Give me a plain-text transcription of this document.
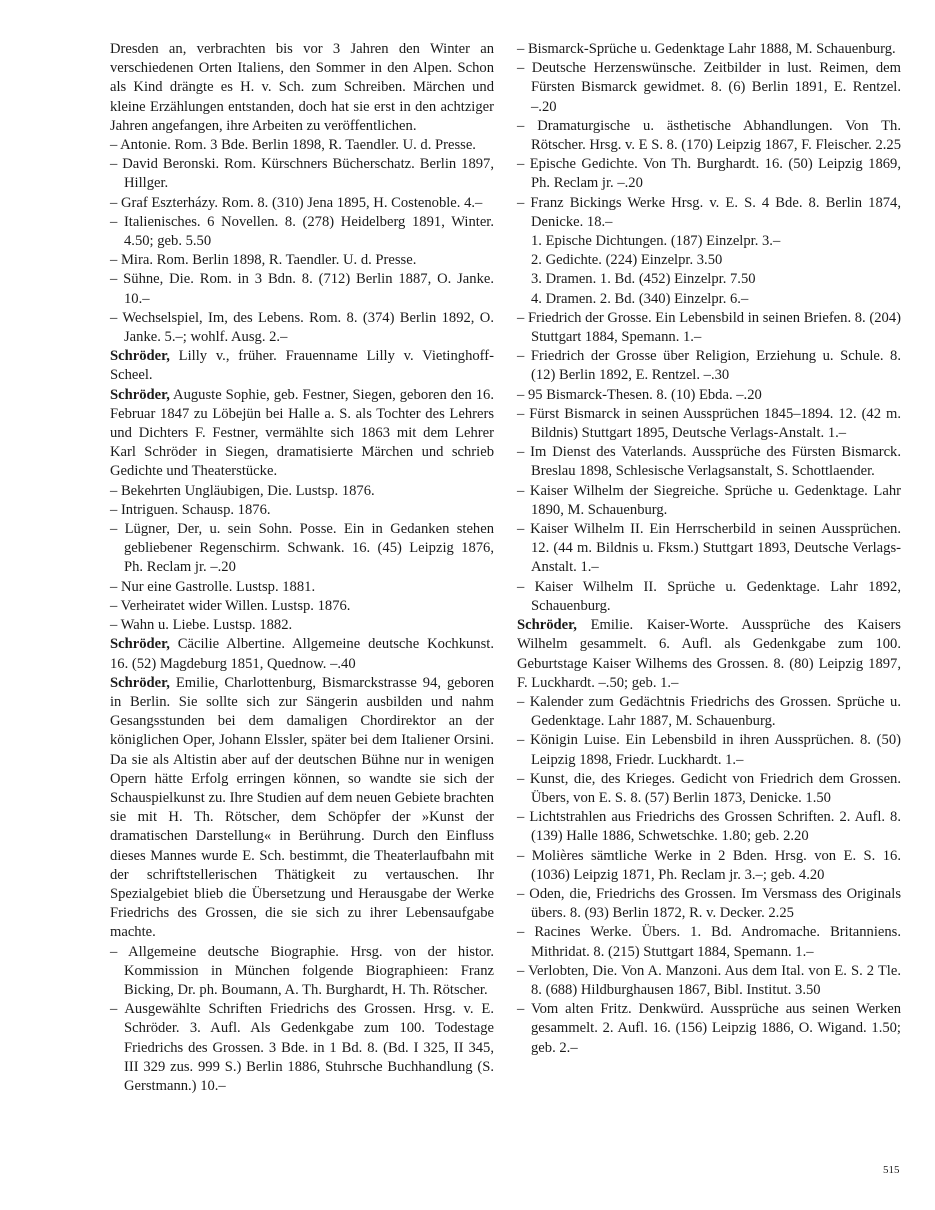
Dresden an, verbrachten bis vor 3 Jahren den Winter an verschiedenen Orten Italiens, den Sommer in den Alpen. Schon als Kind drängte es H. v. Sch. zum Schreiben. Märchen und kleine Erzählungen entstanden, doch hat sie erst in den achtziger Jahren angefangen, ihre Arbeiten zu veröffentlichen.
– Antonie. Rom. 3 Bde. Berlin 1898, R. Taendler. U. d. Presse.
– David Beronski. Rom. Kürschners Bücherschatz. Berlin 1897, Hillger.
– Graf Eszterházy. Rom. 8. (310) Jena 1895, H. Costenoble. 4.–
– Italienisches. 6 Novellen. 8. (278) Heidelberg 1891, Winter. 4.50; geb. 5.50
– Mira. Rom. Berlin 1898, R. Taendler. U. d. Presse.
– Sühne, Die. Rom. in 3 Bdn. 8. (712) Berlin 1887, O. Janke. 10.–
– Wechselspiel, Im, des Lebens. Rom. 8. (374) Berlin 1892, O. Janke. 5.–; wohlf. Ausg. 2.–
Schröder, Lilly v., früher. Frauenname Lilly v. Vietinghoff-Scheel.
Schröder, Auguste Sophie, geb. Festner, Siegen, geboren den 16. Februar 1847 zu Löbejün bei Halle a. S. als Tochter des Lehrers und Dichters F. Festner, vermählte sich 1863 mit dem Lehrer Karl Schröder in Siegen, dramatisierte Märchen und schrieb Gedichte und Theaterstücke.
– Bekehrten Ungläubigen, Die. Lustsp. 1876.
– Intriguen. Schausp. 1876.
– Lügner, Der, u. sein Sohn. Posse. Ein in Gedanken stehen gebliebener Regenschirm. Schwank. 16. (45) Leipzig 1876, Ph. Reclam jr. –.20
– Nur eine Gastrolle. Lustsp. 1881.
– Verheiratet wider Willen. Lustsp. 1876.
– Wahn u. Liebe. Lustsp. 1882.
Schröder, Cäcilie Albertine. Allgemeine deutsche Kochkunst. 16. (52) Magdeburg 1851, Quednow. –.40
Schröder, Emilie, Charlottenburg, Bismarckstrasse 94, geboren in Berlin. Sie sollte sich zur Sängerin ausbilden und nahm Gesangsstunden bei dem damaligen Chordirektor an der königlichen Oper, Johann Elssler, später bei dem Italiener Orsini. Da sie als Altistin aber auf der deutschen Bühne nur in wenigen Opern hätte Erfolg erringen können, so wandte sie sich der Schauspielkunst zu. Ihre Studien auf dem neuen Gebiete brachten sie mit H. Th. Rötscher, dem Schöpfer der »Kunst der dramatischen Darstellung« in Berührung. Durch den Einfluss dieses Mannes wurde E. Sch. bestimmt, die Theaterlaufbahn mit der schriftstellerischen Thätigkeit zu vertauschen. Ihr Spezialgebiet blieb die Übersetzung und Herausgabe der Werke Friedrichs des Grossen, die sie sich zu ihrer Lebensaufgabe machte.
– Allgemeine deutsche Biographie. Hrsg. von der histor. Kommission in München folgende Biographieen: Franz Bicking, Dr. ph. Boumann, A. Th. Burghardt, H. Th. Rötscher.
– Ausgewählte Schriften Friedrichs des Grossen. Hrsg. v. E. Schröder. 3. Aufl. Als Gedenkgabe zum 100. Todestage Friedrichs des Grossen. 3 Bde. in 1 Bd. 8. (Bd. I 325, II 345, III 329 zus. 999 S.) Berlin 1886, Stuhrsche Buchhandlung (S. Gerstmann.) 10.–
– Bismarck-Sprüche u. Gedenktage Lahr 1888, M. Schauenburg.
– Deutsche Herzenswünsche. Zeitbilder in lust. Reimen, dem Fürsten Bismarck gewidmet. 8. (6) Berlin 1891, E. Rentzel. –.20
– Dramaturgische u. ästhetische Abhandlungen. Von Th. Rötscher. Hrsg. v. E S. 8. (170) Leipzig 1867, F. Fleischer. 2.25
– Epische Gedichte. Von Th. Burghardt. 16. (50) Leipzig 1869, Ph. Reclam jr. –.20
– Franz Bickings Werke Hrsg. v. E. S. 4 Bde. 8. Berlin 1874, Denicke. 18.–
1. Epische Dichtungen. (187) Einzelpr. 3.–
2. Gedichte. (224) Einzelpr. 3.50
3. Dramen. 1. Bd. (452) Einzelpr. 7.50
4. Dramen. 2. Bd. (340) Einzelpr. 6.–
– Friedrich der Grosse. Ein Lebensbild in seinen Briefen. 8. (204) Stuttgart 1884, Spemann. 1.–
– Friedrich der Grosse über Religion, Erziehung u. Schule. 8. (12) Berlin 1892, E. Rentzel. –.30
– 95 Bismarck-Thesen. 8. (10) Ebda. –.20
– Fürst Bismarck in seinen Aussprüchen 1845–1894. 12. (42 m. Bildnis) Stuttgart 1895, Deutsche Verlags-Anstalt. 1.–
– Im Dienst des Vaterlands. Aussprüche des Fürsten Bismarck. Breslau 1898, Schlesische Verlagsanstalt, S. Schottlaender.
– Kaiser Wilhelm der Siegreiche. Sprüche u. Gedenktage. Lahr 1890, M. Schauenburg.
– Kaiser Wilhelm II. Ein Herrscherbild in seinen Aussprüchen. 12. (44 m. Bildnis u. Fksm.) Stuttgart 1893, Deutsche Verlags-Anstalt. 1.–
– Kaiser Wilhelm II. Sprüche u. Gedenktage. Lahr 1892, Schauenburg.
Schröder, Emilie. Kaiser-Worte. Aussprüche des Kaisers Wilhelm gesammelt. 6. Aufl. als Gedenkgabe zum 100. Geburtstage Kaiser Wilhems des Grossen. 8. (80) Leipzig 1897, F. Luckhardt. –.50; geb. 1.–
– Kalender zum Gedächtnis Friedrichs des Grossen. Sprüche u. Gedenktage. Lahr 1887, M. Schauenburg.
– Königin Luise. Ein Lebensbild in ihren Aussprüchen. 8. (50) Leipzig 1898, Friedr. Luckhardt. 1.–
– Kunst, die, des Krieges. Gedicht von Friedrich dem Grossen. Übers, von E. S. 8. (57) Berlin 1873, Denicke. 1.50
– Lichtstrahlen aus Friedrichs des Grossen Schriften. 2. Aufl. 8. (139) Halle 1886, Schwetschke. 1.80; geb. 2.20
– Molières sämtliche Werke in 2 Bden. Hrsg. von E. S. 16. (1036) Leipzig 1871, Ph. Reclam jr. 3.–; geb. 4.20
– Oden, die, Friedrichs des Grossen. Im Versmass des Originals übers. 8. (93) Berlin 1872, R. v. Decker. 2.25
– Racines Werke. Übers. 1. Bd. Andromache. Britanniens. Mithridat. 8. (215) Stuttgart 1884, Spemann. 1.–
– Verlobten, Die. Von A. Manzoni. Aus dem Ital. von E. S. 2 Tle. 8. (688) Hildburghausen 1867, Bibl. Institut. 3.50
– Vom alten Fritz. Denkwürd. Aussprüche aus seinen Werken gesammelt. 2. Aufl. 16. (156) Leipzig 1886, O. Wigand. 1.50; geb. 2.–
515
